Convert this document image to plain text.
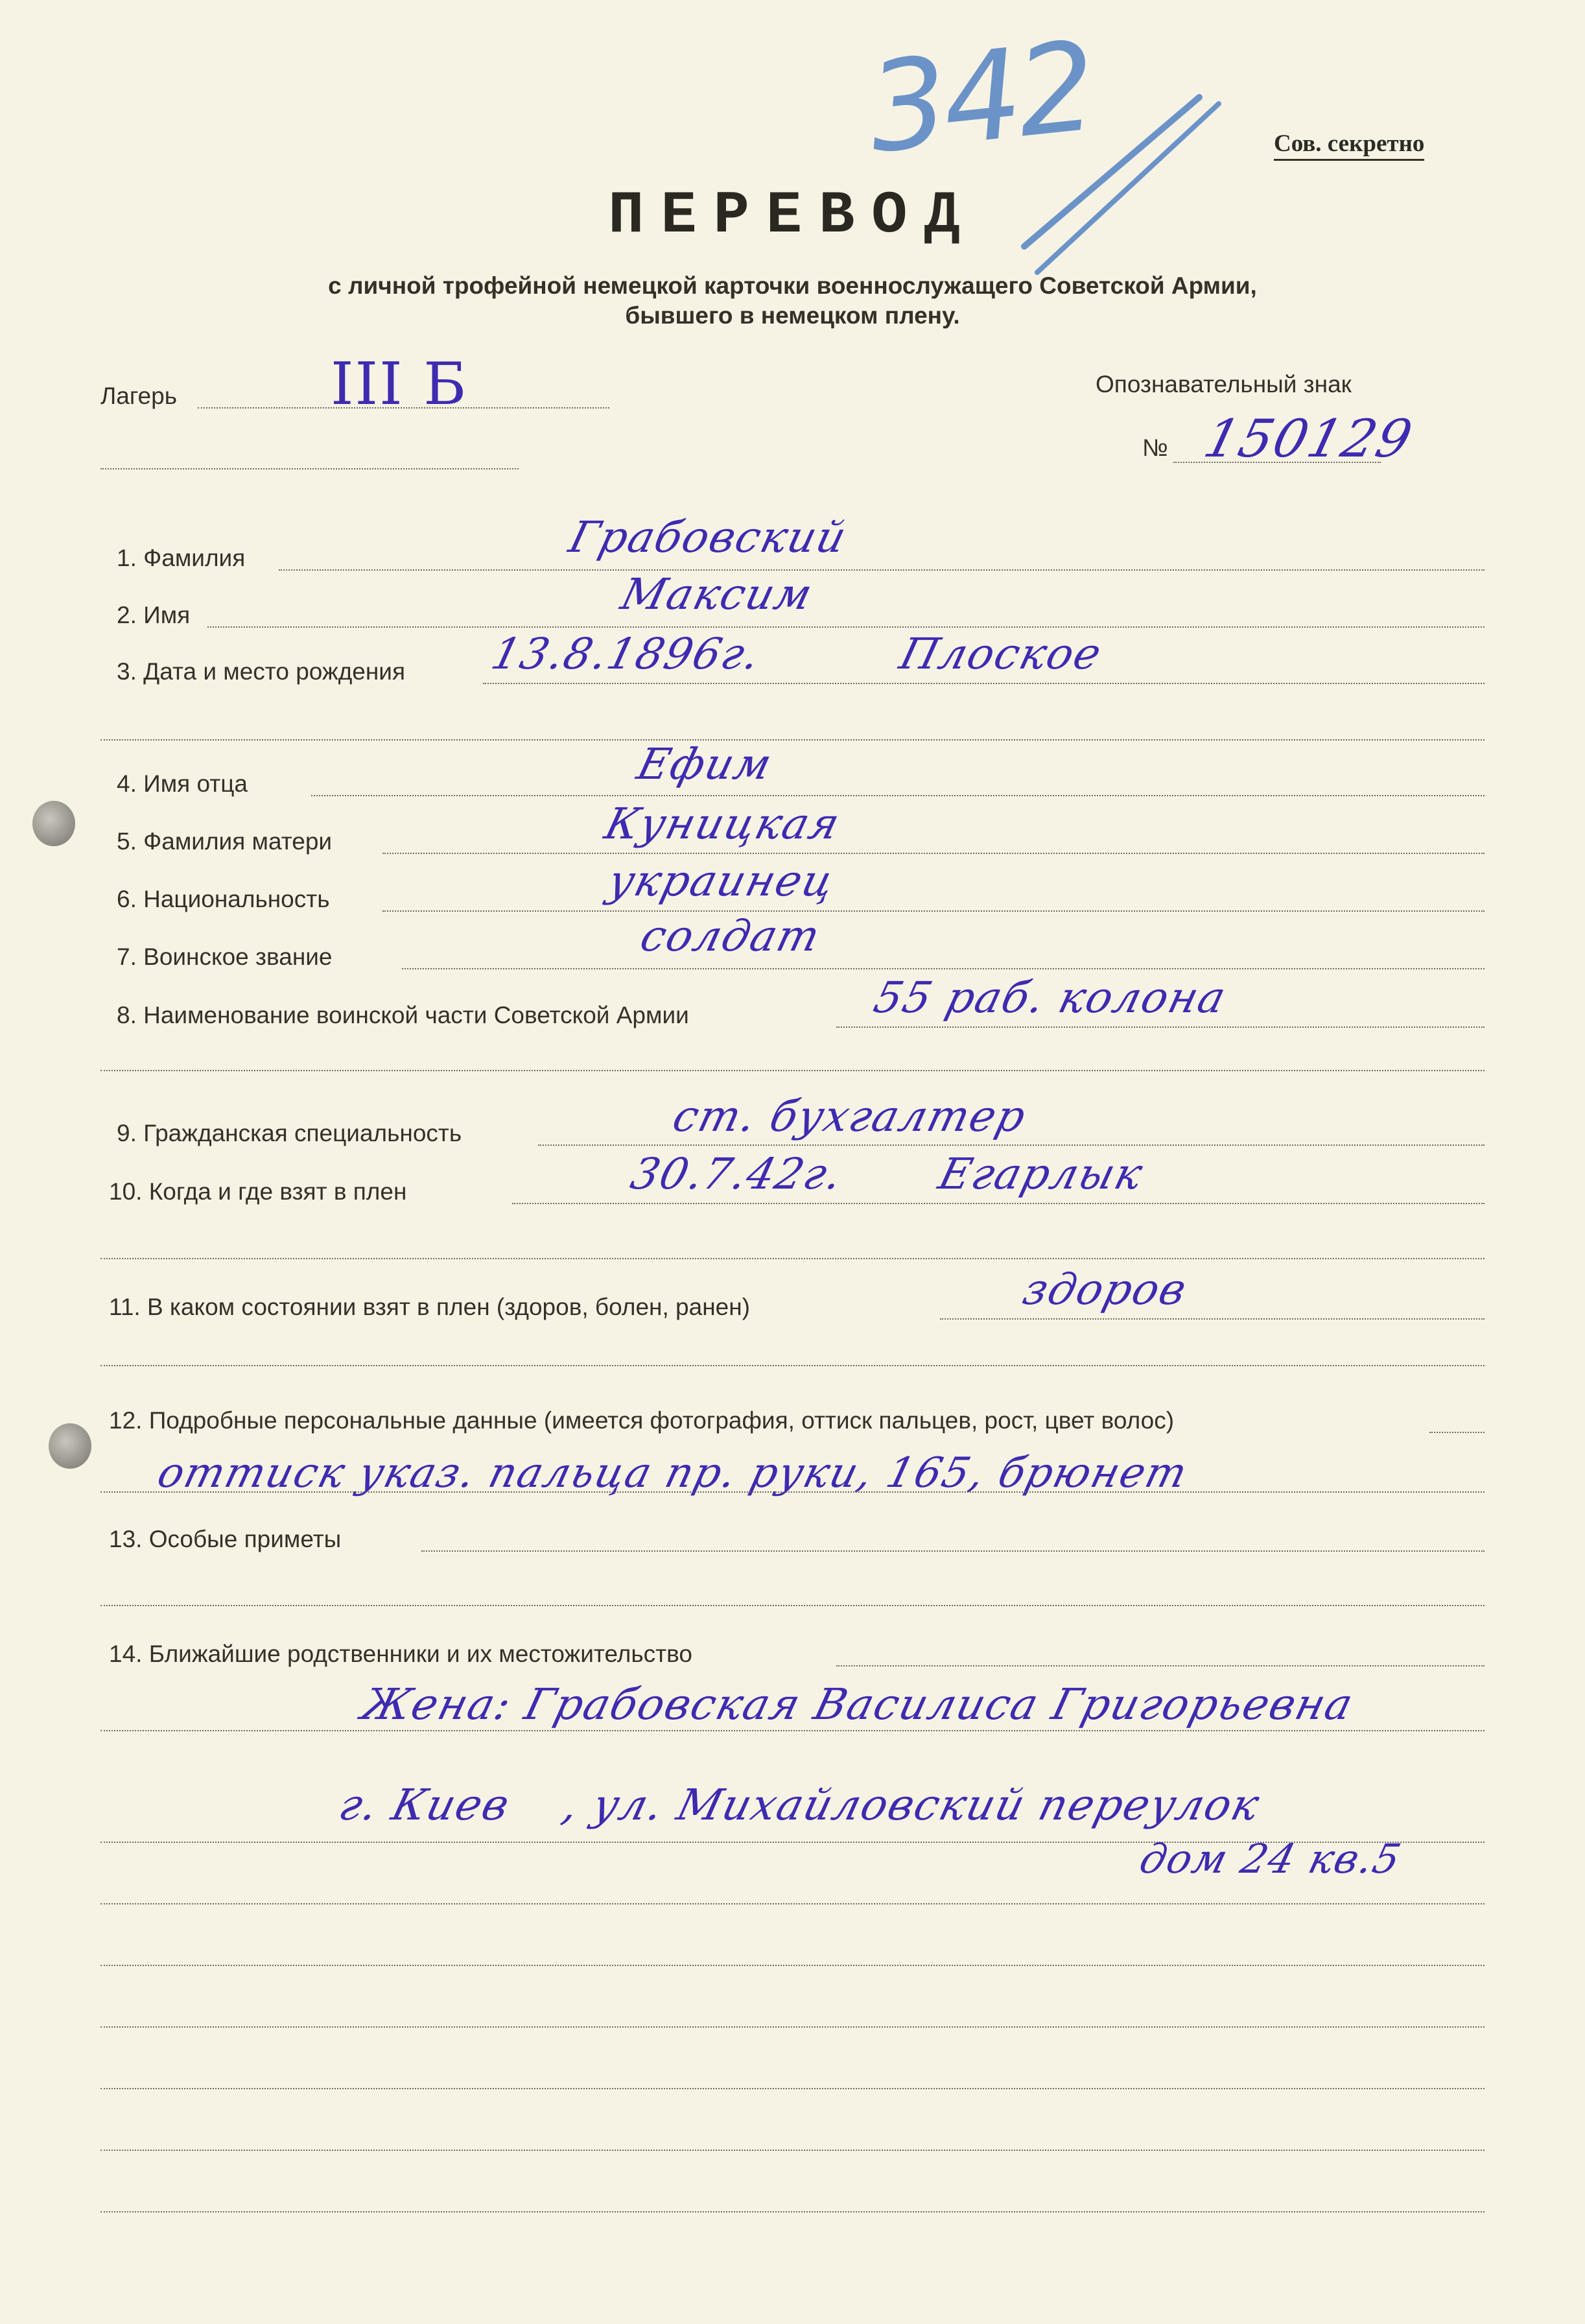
342	Сов. секретно
ПЕРЕВОД
с личной трофейной немецкой карточки военнослужащего Советской Армии,
бывшего в немецком плену.
Лагерь	III Б	Опознавательный знак
№ 150129
1. Фамилия	Грабовский
2. Имя	Максим
3. Дата и место рождения 13.8.1896г.	Плоское
4. Имя отца	Ефим
5. Фамилия матери	Куницкая
6. Национальность	украинец
7. Воинское звание	солдат
8. Наименование воинской части Советской Армии	55 раб. колона
9. Гражданская специальность	ст. бухгалтер
10. Когда и где взят в плен	30.7.42г. Егарлык
11. В каком состоянии взят в плен (здоров, болен, ранен)	здоров
12. Подробные персональные данные (имеется фотография, оттиск пальцев, рост, цвет волос)
оттиск указ. пальца пр. руки, 165, брюнет
13. Особые приметы
14. Ближайшие родственники и их местожительство
Жена: Грабовская Василиса Григорьевна
г. Киев , ул. Михайловский переулок
дом 24 кв.5
